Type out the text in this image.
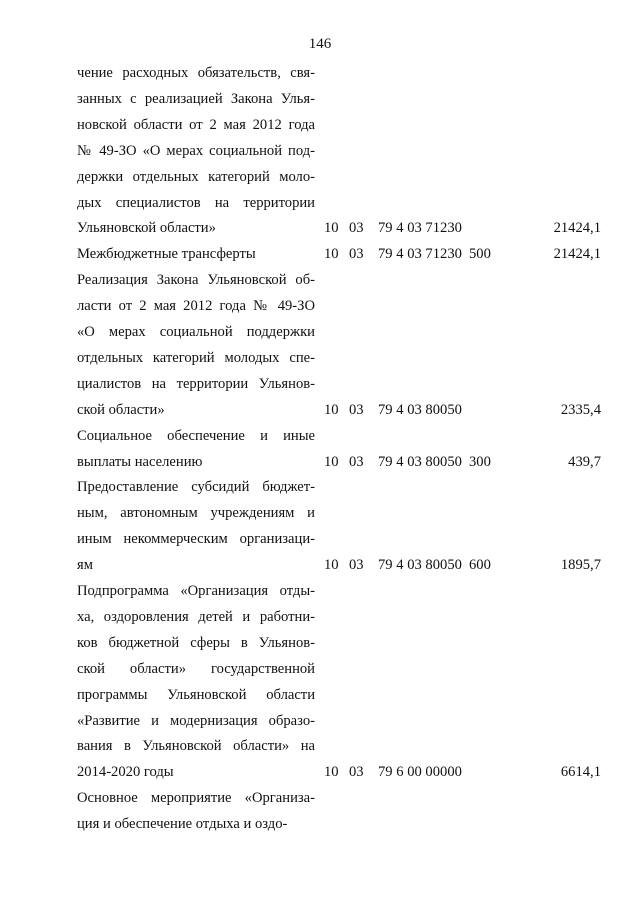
146
чение расходных обязательств, свя-
занных с реализацией Закона Улья-
новской области от 2 мая 2012 года
№ 49-ЗО «О мерах социальной под-
держки отдельных категорий моло-
дых специалистов на территории
Ульяновской области»	10 03 79 4 03 71230	21424,1
Межбюджетные трансферты	10 03 79 4 03 71230 500	21424,1
Реализация Закона Ульяновской об-
ласти от 2 мая 2012 года № 49-ЗО
«О мерах социальной поддержки
отдельных категорий молодых спе-
циалистов на территории Ульянов-
ской области»	10 03 79 4 03 80050	2335,4
Социальное обеспечение и иные
выплаты населению	10 03 79 4 03 80050 300	439,7
Предоставление субсидий бюджет-
ным, автономным учреждениям и
иным некоммерческим организаци-
ям	10 03 79 4 03 80050 600	1895,7
Подпрограмма «Организация отды-
ха, оздоровления детей и работни-
ков бюджетной сферы в Ульянов-
ской области» государственной
программы Ульяновской области
«Развитие и модернизация образо-
вания в Ульяновской области» на
2014-2020 годы	10 03 79 6 00 00000	6614,1
Основное мероприятие «Организа-
ция и обеспечение отдыха и оздо-
